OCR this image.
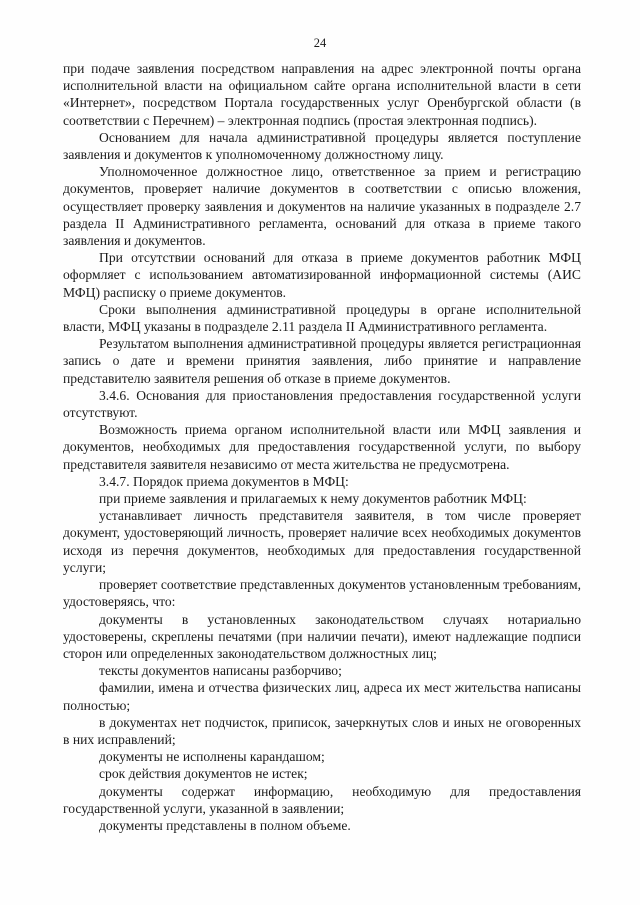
24

при подаче заявления посредством направления на адрес электронной почты органа исполнительной власти на официальном сайте органа исполнительной власти в сети «Интернет», посредством Портала государственных услуг Оренбургской области (в соответствии с Перечнем) – электронная подпись (простая электронная подпись).

Основанием для начала административной процедуры является поступление заявления и документов к уполномоченному должностному лицу.

Уполномоченное должностное лицо, ответственное за прием и регистрацию документов, проверяет наличие документов в соответствии с описью вложения, осуществляет проверку заявления и документов на наличие указанных в подразделе 2.7 раздела II Административного регламента, оснований для отказа в приеме такого заявления и документов.

При отсутствии оснований для отказа в приеме документов работник МФЦ оформляет с использованием автоматизированной информационной системы (АИС МФЦ) расписку о приеме документов.

Сроки выполнения административной процедуры в органе исполнительной власти, МФЦ указаны в подразделе 2.11 раздела II Административного регламента.

Результатом выполнения административной процедуры является регистрационная запись о дате и времени принятия заявления, либо принятие и направление представителю заявителя решения об отказе в приеме документов.

3.4.6. Основания для приостановления предоставления государственной услуги отсутствуют.

Возможность приема органом исполнительной власти или МФЦ заявления и документов, необходимых для предоставления государственной услуги, по выбору представителя заявителя независимо от места жительства не предусмотрена.

3.4.7. Порядок приема документов в МФЦ:

при приеме заявления и прилагаемых к нему документов работник МФЦ:

устанавливает личность представителя заявителя, в том числе проверяет документ, удостоверяющий личность, проверяет наличие всех необходимых документов исходя из перечня документов, необходимых для предоставления государственной услуги;

проверяет соответствие представленных документов установленным требованиям, удостоверяясь, что:

документы в установленных законодательством случаях нотариально удостоверены, скреплены печатями (при наличии печати), имеют надлежащие подписи сторон или определенных законодательством должностных лиц;

тексты документов написаны разборчиво;

фамилии, имена и отчества физических лиц, адреса их мест жительства написаны полностью;

в документах нет подчисток, приписок, зачеркнутых слов и иных не оговоренных в них исправлений;

документы не исполнены карандашом;

срок действия документов не истек;

документы содержат информацию, необходимую для предоставления государственной услуги, указанной в заявлении;

документы представлены в полном объеме.
